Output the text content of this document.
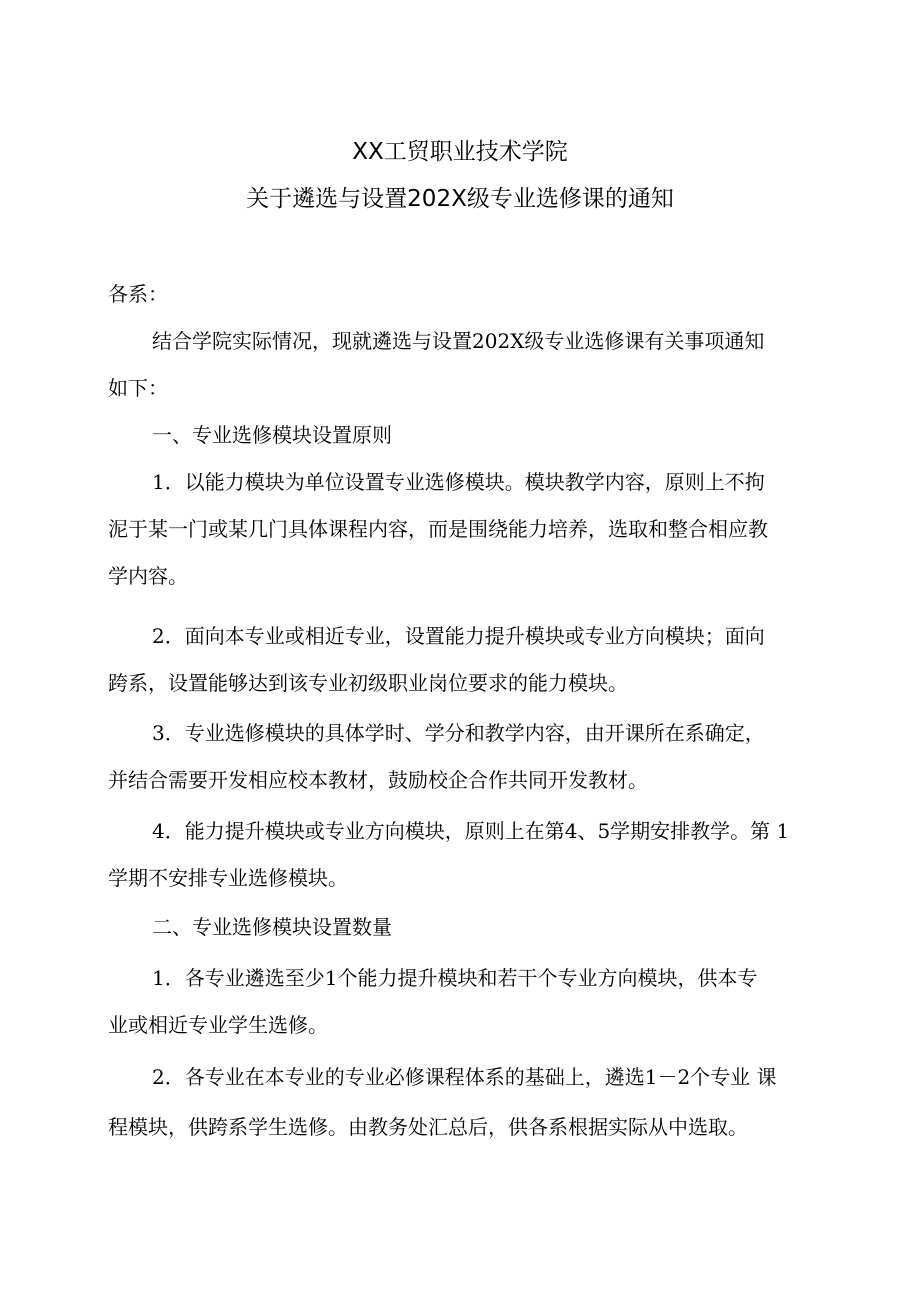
XX工贸职业技术学院
关于遴选与设置202X级专业选修课的通知
各系：
结合学院实际情况，现就遴选与设置202X级专业选修课有关事项通知
如下：
一、专业选修模块设置原则
1．以能力模块为单位设置专业选修模块。模块教学内容，原则上不拘
泥于某一门或某几门具体课程内容，而是围绕能力培养，选取和整合相应教
学内容。
2．面向本专业或相近专业，设置能力提升模块或专业方向模块；面向
跨系，设置能够达到该专业初级职业岗位要求的能力模块。
3．专业选修模块的具体学时、学分和教学内容，由开课所在系确定，
并结合需要开发相应校本教材，鼓励校企合作共同开发教材。
4．能力提升模块或专业方向模块，原则上在第4、5学期安排教学。第 1
学期不安排专业选修模块。
二、专业选修模块设置数量
1．各专业遴选至少1个能力提升模块和若干个专业方向模块，供本专
业或相近专业学生选修。
2．各专业在本专业的专业必修课程体系的基础上，遴选1－2个专业 课
程模块，供跨系学生选修。由教务处汇总后，供各系根据实际从中选取。
